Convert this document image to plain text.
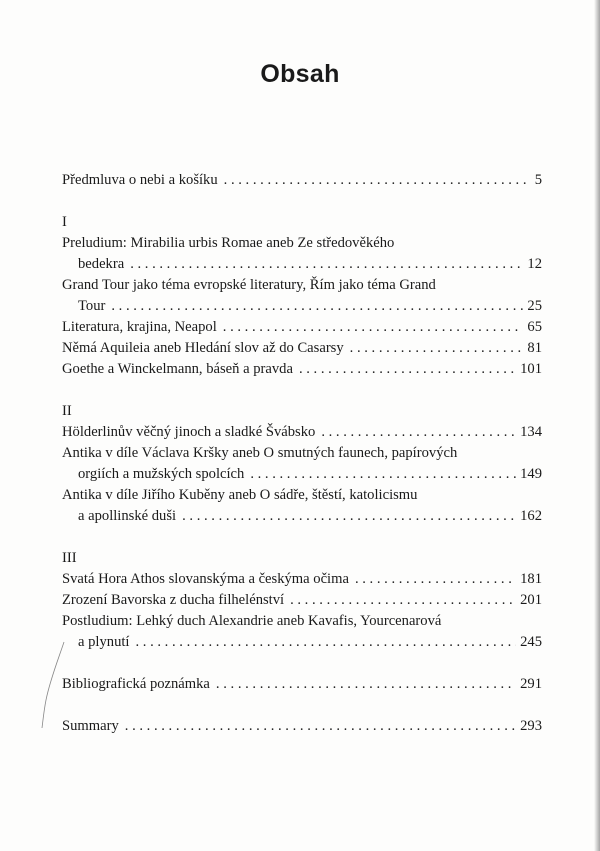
Obsah
Předmluva o nebi a košíku . . .	5
I
Preludium: Mirabilia urbis Romae aneb Ze středověkého
bedekra . . .	12
Grand Tour jako téma evropské literatury, Řím jako téma Grand
Tour . . .	25
Literatura, krajina, Neapol . . .	65
Němá Aquileia aneb Hledání slov až do Casarsy . . .	81
Goethe a Winckelmann, báseň a pravda . . .	101
II
Hölderlinův věčný jinoch a sladké Švábsko . . .	134
Antika v díle Václava Kršky aneb O smutných faunech, papírových
orgiích a mužských spolcích . . .	149
Antika v díle Jiřího Kuběny aneb O sádře, štěstí, katolicismu
a apollinské duši . . .	162
III
Svatá Hora Athos slovanskýma a českýma očima . . .	181
Zrození Bavorska z ducha filhelénství . . .	201
Postludium: Lehký duch Alexandrie aneb Kavafis, Yourcenarová
a plynutí . . .	245
Bibliografická poznámka . . .	291
Summary . . .	293
